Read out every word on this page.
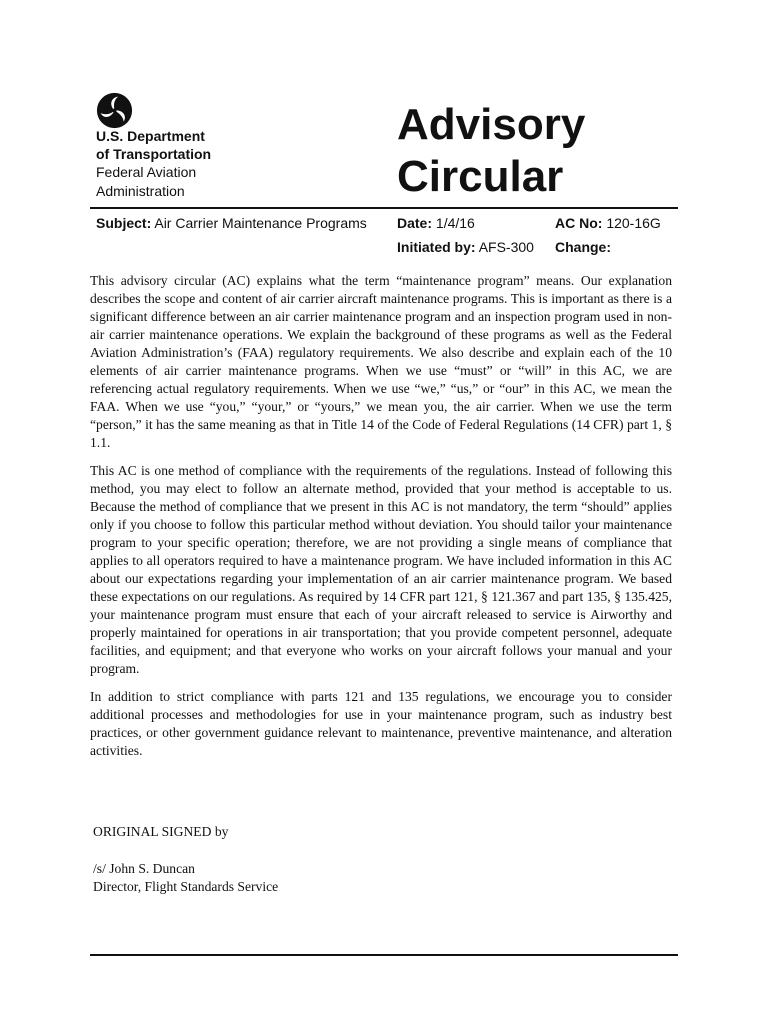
U.S. Department
of Transportation
Federal Aviation
Administration
Advisory
Circular
Subject: Air Carrier Maintenance Programs Date: 1/4/16	AC No: 120-16G
Initiated by: AFS-300 Change:

This advisory circular (AC) explains what the term “maintenance program” means. Our explanation describes the scope and content of air carrier aircraft maintenance programs. This is important as there is a significant difference between an air carrier maintenance program and an inspection program used in non-air carrier maintenance operations. We explain the background of these programs as well as the Federal Aviation Administration’s (FAA) regulatory requirements. We also describe and explain each of the 10 elements of air carrier maintenance programs. When we use “must” or “will” in this AC, we are referencing actual regulatory requirements. When we use “we,” “us,” or “our” in this AC, we mean the FAA. When we use “you,” “your,” or “yours,” we mean you, the air carrier. When we use the term “person,” it has the same meaning as that in Title 14 of the Code of Federal Regulations (14 CFR) part 1, § 1.1.

This AC is one method of compliance with the requirements of the regulations. Instead of following this method, you may elect to follow an alternate method, provided that your method is acceptable to us. Because the method of compliance that we present in this AC is not mandatory, the term “should” applies only if you choose to follow this particular method without deviation. You should tailor your maintenance program to your specific operation; therefore, we are not providing a single means of compliance that applies to all operators required to have a maintenance program. We have included information in this AC about our expectations regarding your implementation of an air carrier maintenance program. We based these expectations on our regulations. As required by 14 CFR part 121, § 121.367 and part 135, § 135.425, your maintenance program must ensure that each of your aircraft released to service is Airworthy and properly maintained for operations in air transportation; that you provide competent personnel, adequate facilities, and equipment; and that everyone who works on your aircraft follows your manual and your program.

In addition to strict compliance with parts 121 and 135 regulations, we encourage you to consider additional processes and methodologies for use in your maintenance program, such as industry best practices, or other government guidance relevant to maintenance, preventive maintenance, and alteration activities.

ORIGINAL SIGNED by
/s/ John S. Duncan
Director, Flight Standards Service
